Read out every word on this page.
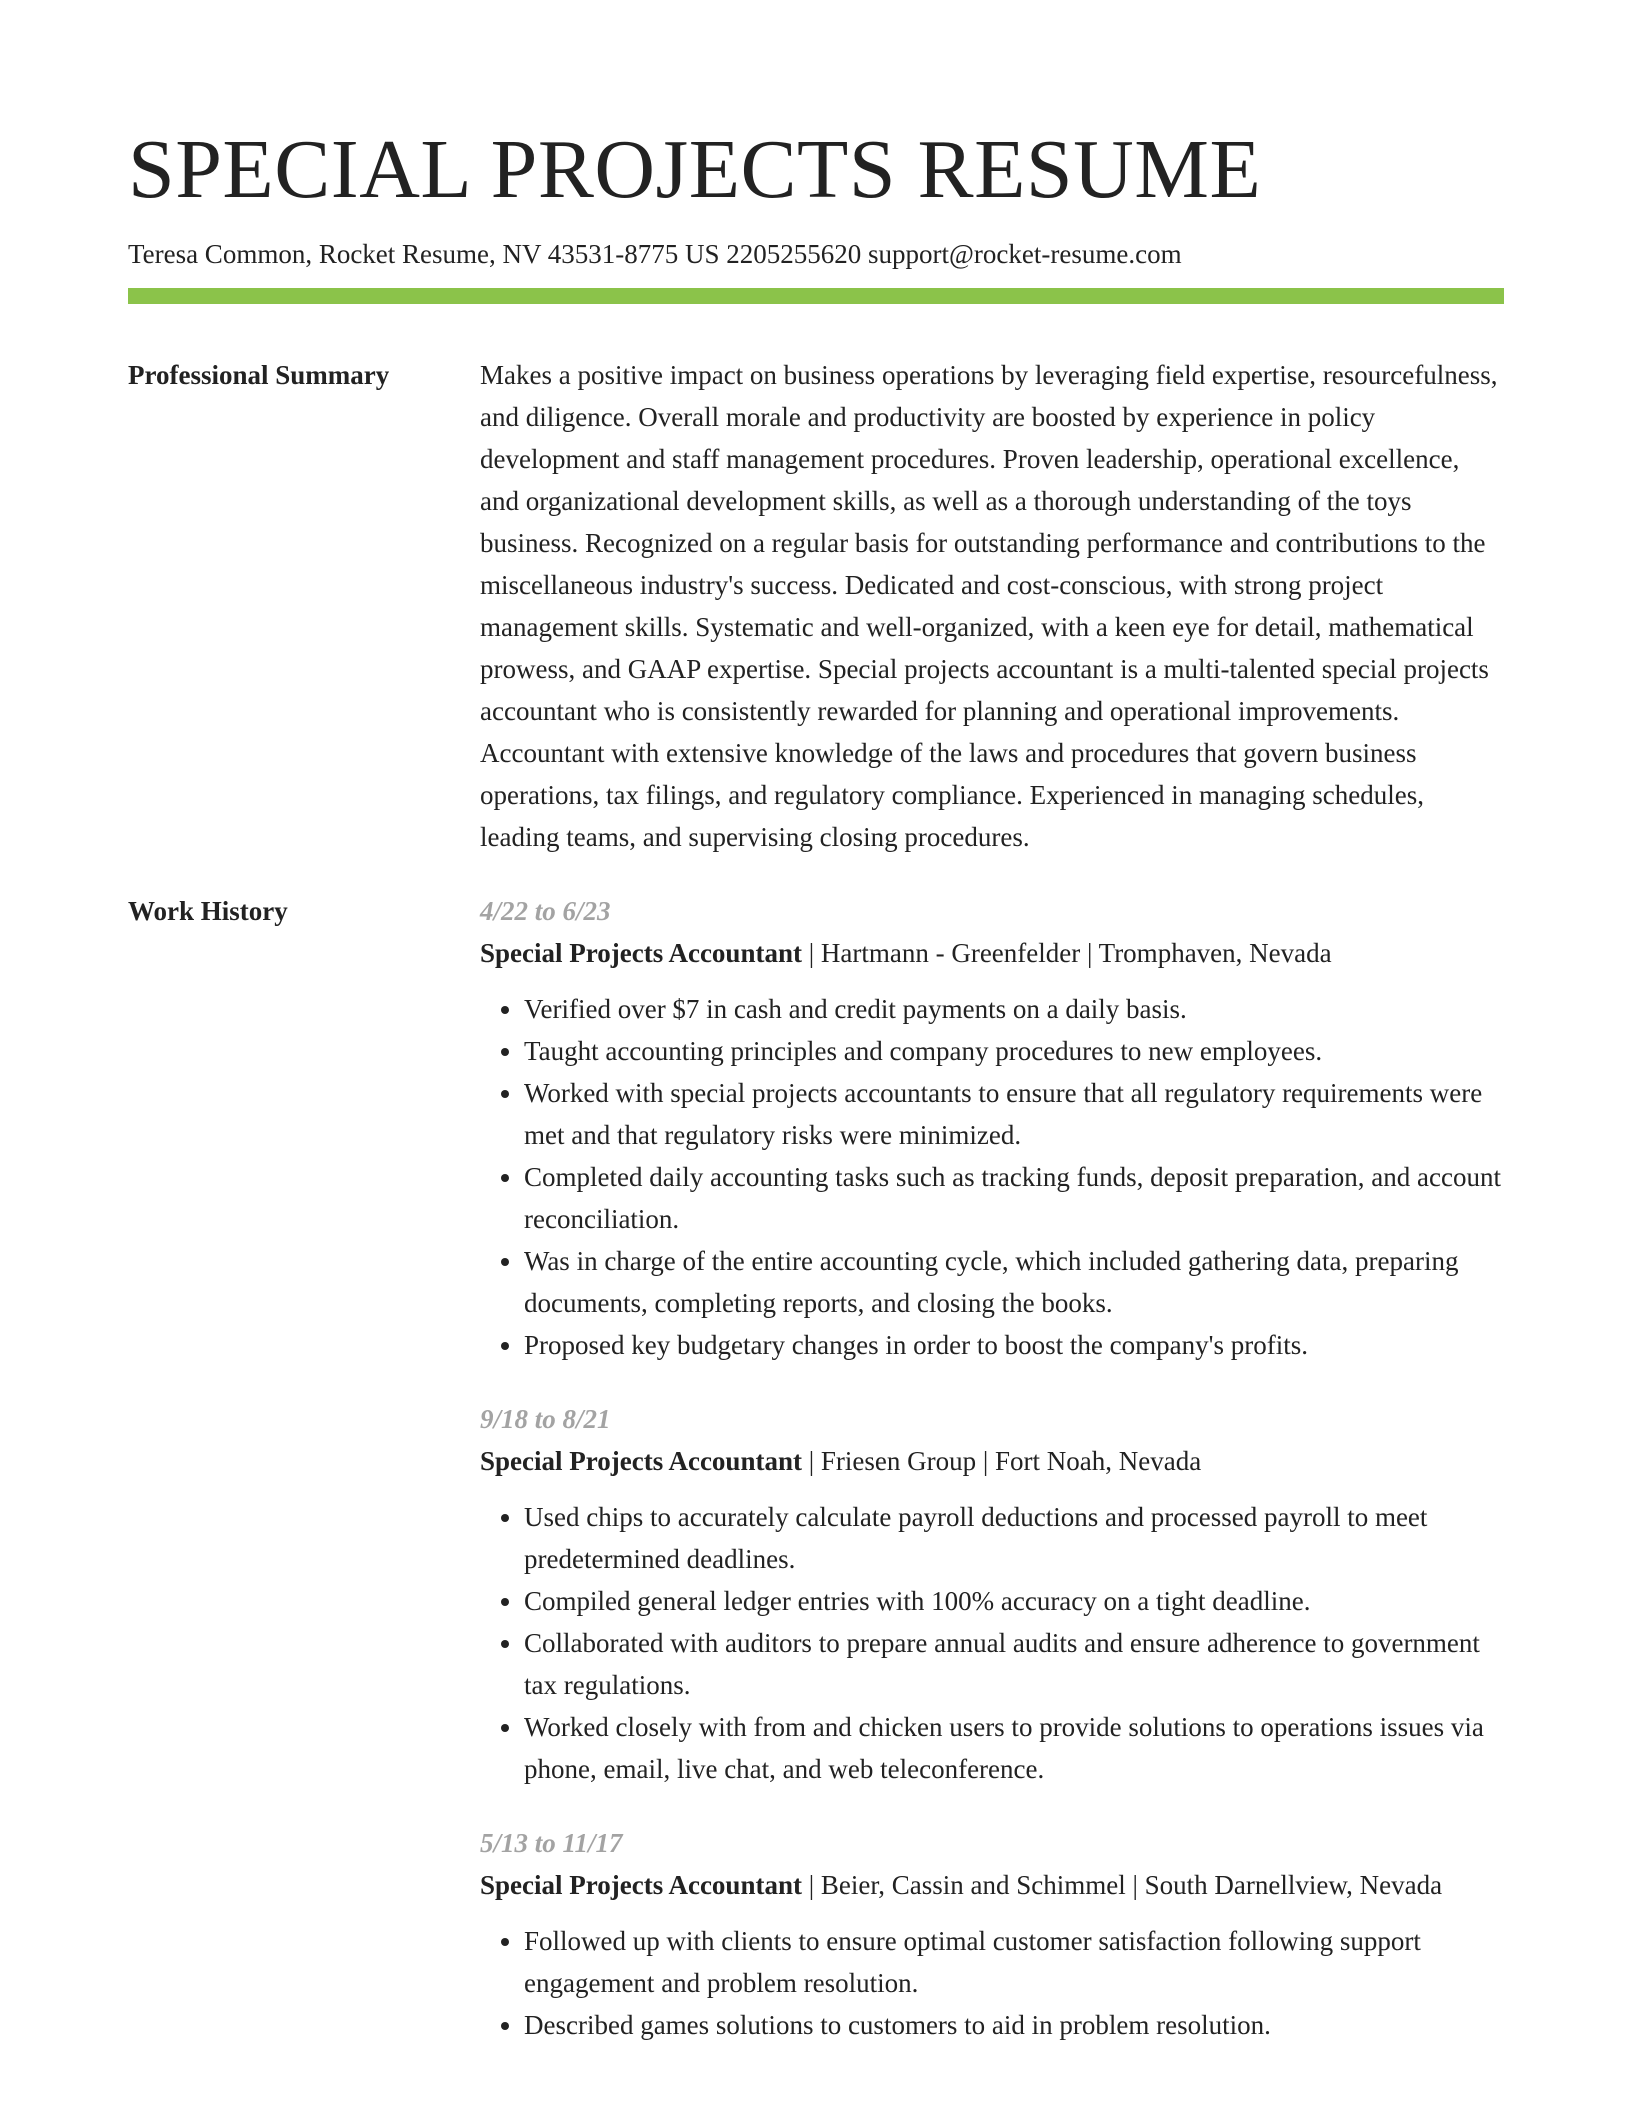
SPECIAL PROJECTS RESUME
Teresa Common, Rocket Resume, NV 43531-8775 US 2205255620 support@rocket-resume.com
Professional Summary	Makes a positive impact on business operations by leveraging field expertise, resourcefulness, and diligence. Overall morale and productivity are boosted by experience in policy development and staff management procedures. Proven leadership, operational excellence, and organizational development skills, as well as a thorough understanding of the toys business. Recognized on a regular basis for outstanding performance and contributions to the miscellaneous industry's success. Dedicated and cost-conscious, with strong project management skills. Systematic and well-organized, with a keen eye for detail, mathematical prowess, and GAAP expertise. Special projects accountant is a multi-talented special projects accountant who is consistently rewarded for planning and operational improvements. Accountant with extensive knowledge of the laws and procedures that govern business operations, tax filings, and regulatory compliance. Experienced in managing schedules, leading teams, and supervising closing procedures.

Work History	4/22 to 6/23
Special Projects Accountant | Hartmann - Greenfelder | Tromphaven, Nevada
• Verified over $7 in cash and credit payments on a daily basis.
• Taught accounting principles and company procedures to new employees.
• Worked with special projects accountants to ensure that all regulatory requirements were met and that regulatory risks were minimized.
• Completed daily accounting tasks such as tracking funds, deposit preparation, and account reconciliation.
• Was in charge of the entire accounting cycle, which included gathering data, preparing documents, completing reports, and closing the books.
• Proposed key budgetary changes in order to boost the company's profits.
9/18 to 8/21
Special Projects Accountant | Friesen Group | Fort Noah, Nevada
• Used chips to accurately calculate payroll deductions and processed payroll to meet predetermined deadlines.
• Compiled general ledger entries with 100% accuracy on a tight deadline.
• Collaborated with auditors to prepare annual audits and ensure adherence to government tax regulations.
• Worked closely with from and chicken users to provide solutions to operations issues via phone, email, live chat, and web teleconference.
5/13 to 11/17
Special Projects Accountant | Beier, Cassin and Schimmel | South Darnellview, Nevada
• Followed up with clients to ensure optimal customer satisfaction following support engagement and problem resolution.
• Described games solutions to customers to aid in problem resolution.
